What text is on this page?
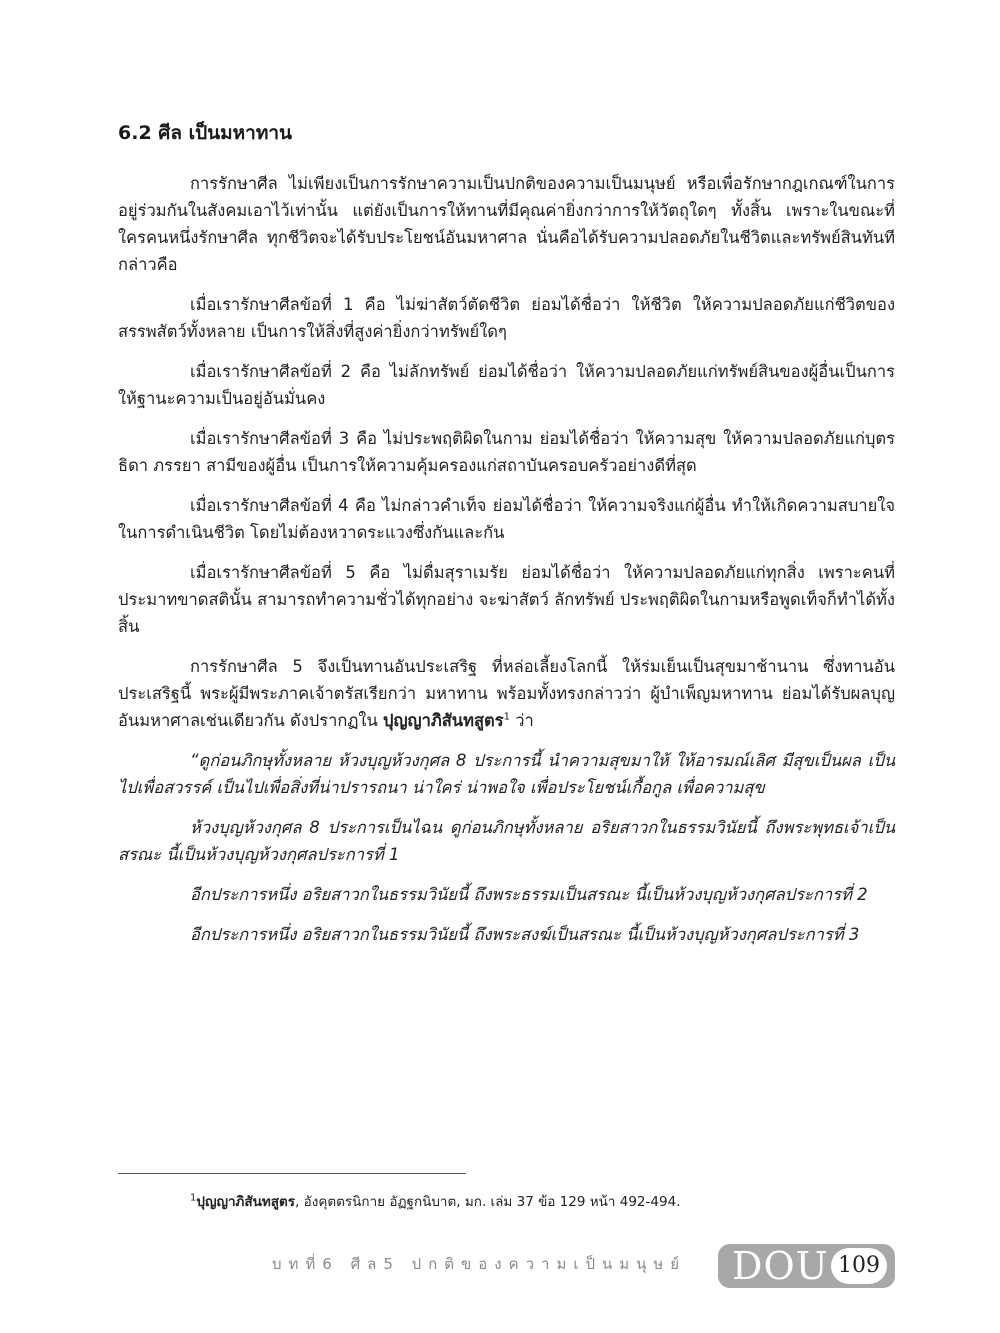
6.2 ศีล เป็นมหาทาน

การรักษาศีล ไม่เพียงเป็นการรักษาความเป็นปกติของความเป็นมนุษย์ หรือเพื่อรักษากฎเกณฑ์ในการอยู่ร่วมกันในสังคมเอาไว้เท่านั้น แต่ยังเป็นการให้ทานที่มีคุณค่ายิ่งกว่าการให้วัตถุใดๆ ทั้งสิ้น เพราะในขณะที่ใครคนหนึ่งรักษาศีล ทุกชีวิตจะได้รับประโยชน์อันมหาศาล นั่นคือได้รับความปลอดภัยในชีวิตและทรัพย์สินทันที กล่าวคือ

เมื่อเรารักษาศีลข้อที่ 1 คือ ไม่ฆ่าสัตว์ตัดชีวิต ย่อมได้ชื่อว่า ให้ชีวิต ให้ความปลอดภัยแก่ชีวิตของสรรพสัตว์ทั้งหลาย เป็นการให้สิ่งที่สูงค่ายิ่งกว่าทรัพย์ใดๆ

เมื่อเรารักษาศีลข้อที่ 2 คือ ไม่ลักทรัพย์ ย่อมได้ชื่อว่า ให้ความปลอดภัยแก่ทรัพย์สินของผู้อื่นเป็นการให้ฐานะความเป็นอยู่อันมั่นคง

เมื่อเรารักษาศีลข้อที่ 3 คือ ไม่ประพฤติผิดในกาม ย่อมได้ชื่อว่า ให้ความสุข ให้ความปลอดภัยแก่บุตร ธิดา ภรรยา สามีของผู้อื่น เป็นการให้ความคุ้มครองแก่สถาบันครอบครัวอย่างดีที่สุด

เมื่อเรารักษาศีลข้อที่ 4 คือ ไม่กล่าวคำเท็จ ย่อมได้ชื่อว่า ให้ความจริงแก่ผู้อื่น ทำให้เกิดความสบายใจในการดำเนินชีวิต โดยไม่ต้องหวาดระแวงซึ่งกันและกัน

เมื่อเรารักษาศีลข้อที่ 5 คือ ไม่ดื่มสุราเมรัย ย่อมได้ชื่อว่า ให้ความปลอดภัยแก่ทุกสิ่ง เพราะคนที่ประมาทขาดสตินั้น สามารถทำความชั่วได้ทุกอย่าง จะฆ่าสัตว์ ลักทรัพย์ ประพฤติผิดในกามหรือพูดเท็จก็ทำได้ทั้งสิ้น

การรักษาศีล 5 จึงเป็นทานอันประเสริฐ ที่หล่อเลี้ยงโลกนี้ ให้ร่มเย็นเป็นสุขมาช้านาน ซึ่งทานอันประเสริฐนี้ พระผู้มีพระภาคเจ้าตรัสเรียกว่า มหาทาน พร้อมทั้งทรงกล่าวว่า ผู้บำเพ็ญมหาทาน ย่อมได้รับผลบุญอันมหาศาลเช่นเดียวกัน ดังปรากฏใน ปุญญาภิสันทสูตร$^1$ ว่า

“ดูก่อนภิกษุทั้งหลาย ห้วงบุญห้วงกุศล 8 ประการนี้ นำความสุขมาให้ ให้อารมณ์เลิศ มีสุขเป็นผล เป็นไปเพื่อสวรรค์ เป็นไปเพื่อสิ่งที่น่าปรารถนา น่าใคร่ น่าพอใจ เพื่อประโยชน์เกื้อกูล เพื่อความสุข

ห้วงบุญห้วงกุศล 8 ประการเป็นไฉน ดูก่อนภิกษุทั้งหลาย อริยสาวกในธรรมวินัยนี้ ถึงพระพุทธเจ้าเป็นสรณะ นี้เป็นห้วงบุญห้วงกุศลประการที่ 1

อีกประการหนึ่ง อริยสาวกในธรรมวินัยนี้ ถึงพระธรรมเป็นสรณะ นี้เป็นห้วงบุญห้วงกุศลประการที่ 2

อีกประการหนึ่ง อริยสาวกในธรรมวินัยนี้ ถึงพระสงฆ์เป็นสรณะ นี้เป็นห้วงบุญห้วงกุศลประการที่ 3

$^1$ปุญญาภิสันทสูตร, อังคุตตรนิกาย อัฏฐกนิบาต, มก. เล่ม 37 ข้อ 129 หน้า 492-494.
บทที่6 ศีล5 ปกติของความเป็นมนุษย์ DOU 109
